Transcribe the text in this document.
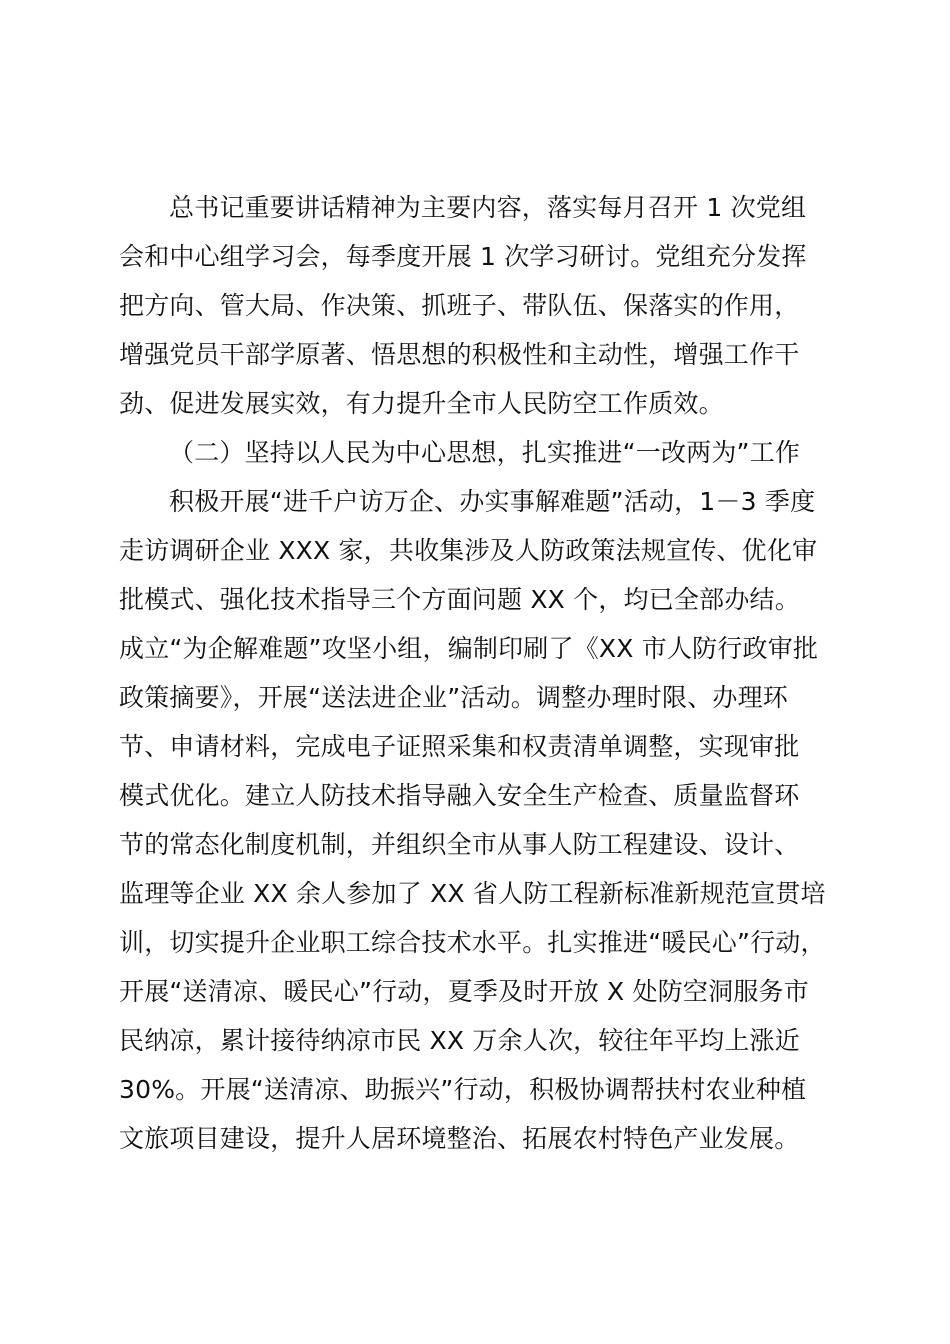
总书记重要讲话精神为主要内容，落实每月召开 1 次党组
会和中心组学习会，每季度开展 1 次学习研讨。党组充分发挥
把方向、管大局、作决策、抓班子、带队伍、保落实的作用，
增强党员干部学原著、悟思想的积极性和主动性，增强工作干
劲、促进发展实效，有力提升全市人民防空工作质效。
（二）坚持以人民为中心思想，扎实推进“一改两为”工作
积极开展“进千户访万企、办实事解难题”活动，1－3 季度
走访调研企业 XXX 家，共收集涉及人防政策法规宣传、优化审
批模式、强化技术指导三个方面问题 XX 个，均已全部办结。
成立“为企解难题”攻坚小组，编制印刷了《XX 市人防行政审批
政策摘要》，开展“送法进企业”活动。调整办理时限、办理环
节、申请材料，完成电子证照采集和权责清单调整，实现审批
模式优化。建立人防技术指导融入安全生产检查、质量监督环
节的常态化制度机制，并组织全市从事人防工程建设、设计、
监理等企业 XX 余人参加了 XX 省人防工程新标准新规范宣贯培
训，切实提升企业职工综合技术水平。扎实推进“暖民心”行动，
开展“送清凉、暖民心”行动，夏季及时开放 X 处防空洞服务市
民纳凉，累计接待纳凉市民 XX 万余人次，较往年平均上涨近
30%。开展“送清凉、助振兴”行动，积极协调帮扶村农业种植
文旅项目建设，提升人居环境整治、拓展农村特色产业发展。
